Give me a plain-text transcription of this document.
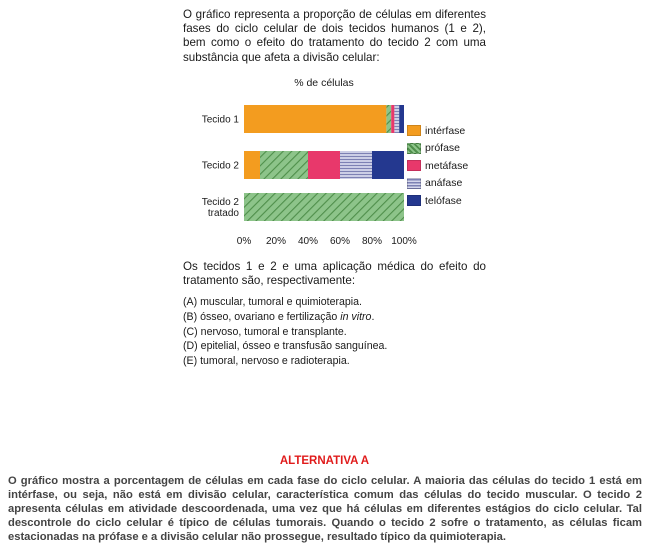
O gráfico representa a proporção de células em diferentes fases do ciclo celular de dois tecidos humanos (1 e 2), bem como o efeito do tratamento do tecido 2 com uma substância que afeta a divisão celular:
% de células
Tecido 1
Tecido 2
Tecido 2 tratado
0% 20% 40% 60% 80% 100%
intérfase
prófase
metáfase
anáfase
telófase
Os tecidos 1 e 2 e uma aplicação médica do efeito do tratamento são, respectivamente:
(A) muscular, tumoral e quimioterapia.
(B) ósseo, ovariano e fertilização in vitro.
(C) nervoso, tumoral e transplante.
(D) epitelial, ósseo e transfusão sanguínea.
(E) tumoral, nervoso e radioterapia.
ALTERNATIVA A
O gráfico mostra a porcentagem de células em cada fase do ciclo celular. A maioria das células do tecido 1 está em intérfase, ou seja, não está em divisão celular, característica comum das células do tecido muscular. O tecido 2 apresenta células em atividade descoordenada, uma vez que há células em diferentes estágios do ciclo celular. Tal descontrole do ciclo celular é típico de células tumorais. Quando o tecido 2 sofre o tratamento, as células ficam estacionadas na prófase e a divisão celular não prossegue, resultado típico da quimioterapia.
